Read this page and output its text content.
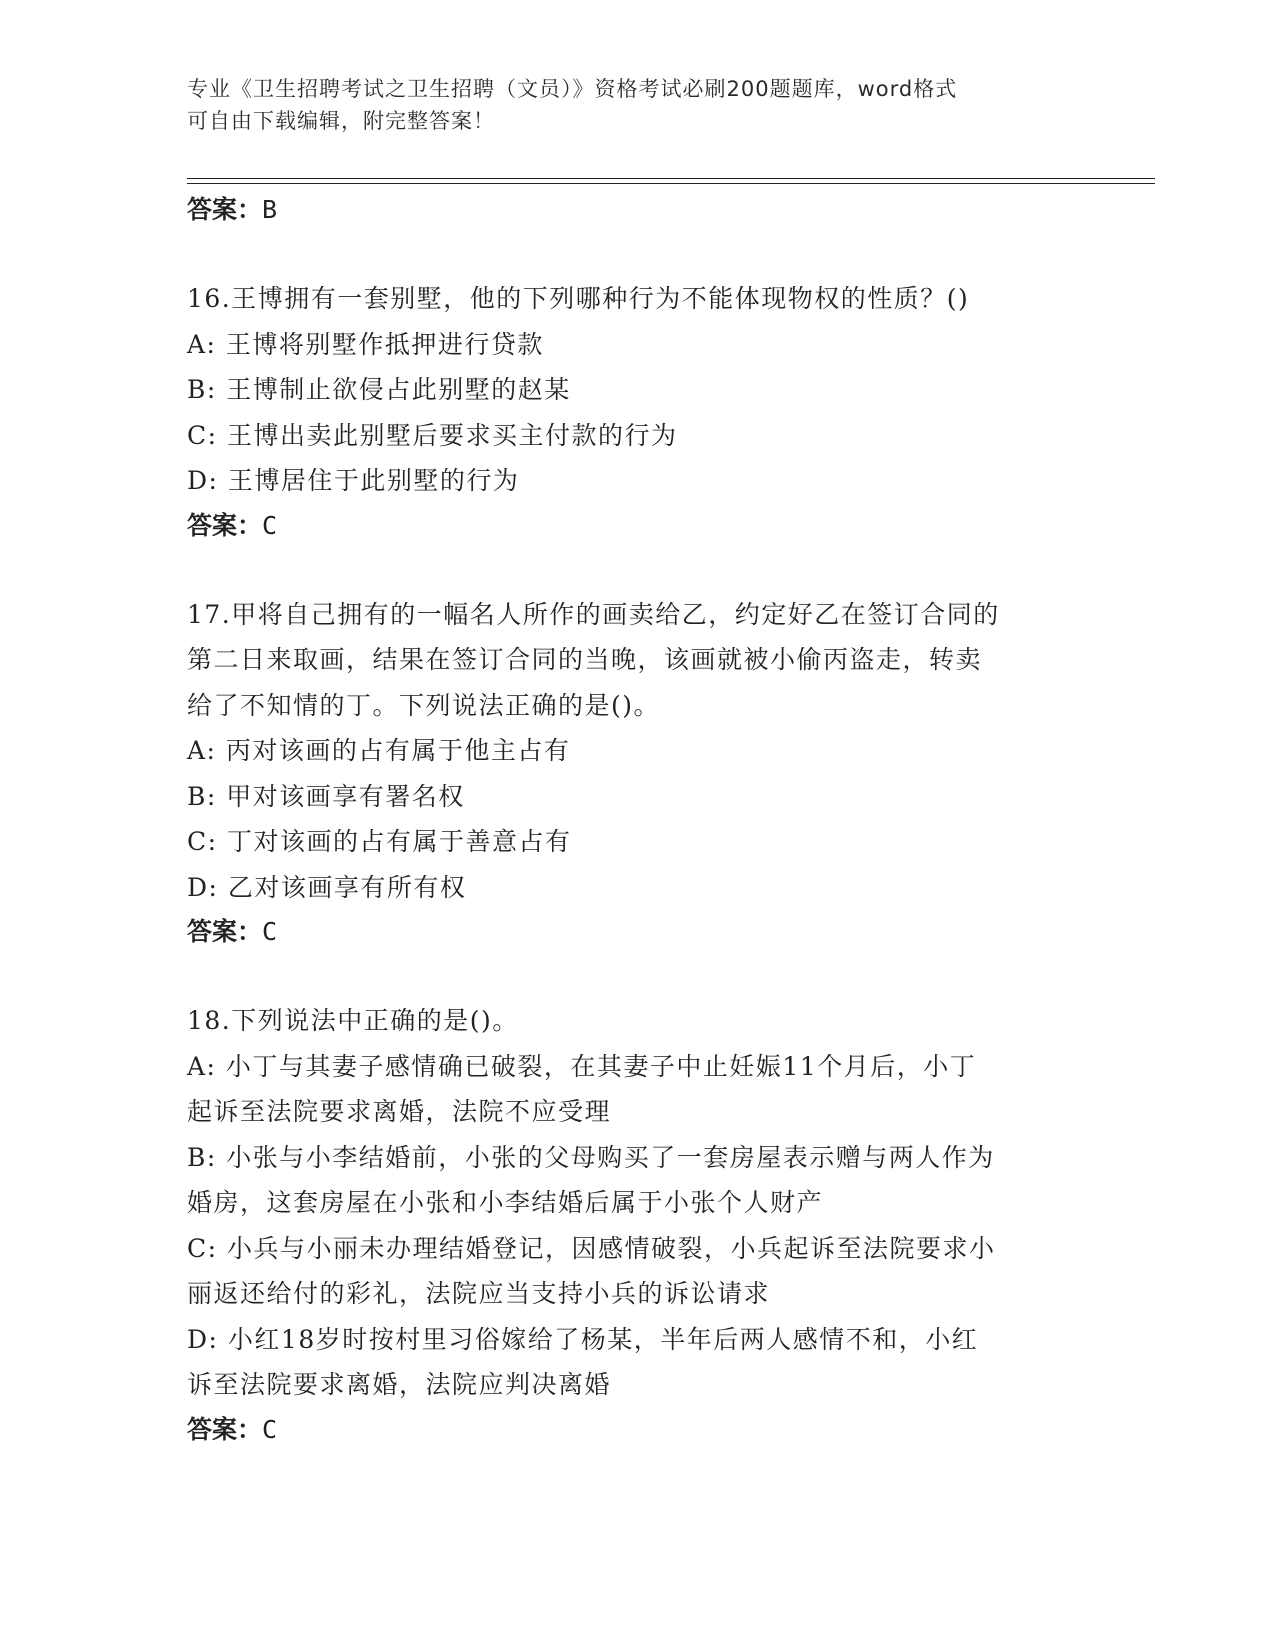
专业《卫生招聘考试之卫生招聘（文员）》资格考试必刷200题题库，word格式
可自由下载编辑，附完整答案！
答案：B
16.王博拥有一套别墅，他的下列哪种行为不能体现物权的性质？()
A: 王博将别墅作抵押进行贷款
B: 王博制止欲侵占此别墅的赵某
C: 王博出卖此别墅后要求买主付款的行为
D: 王博居住于此别墅的行为
答案：C
17.甲将自己拥有的一幅名人所作的画卖给乙，约定好乙在签订合同的
第二日来取画，结果在签订合同的当晚，该画就被小偷丙盗走，转卖
给了不知情的丁。下列说法正确的是()。
A: 丙对该画的占有属于他主占有
B: 甲对该画享有署名权
C: 丁对该画的占有属于善意占有
D: 乙对该画享有所有权
答案：C
18.下列说法中正确的是()。
A: 小丁与其妻子感情确已破裂，在其妻子中止妊娠11个月后，小丁
起诉至法院要求离婚，法院不应受理
B: 小张与小李结婚前，小张的父母购买了一套房屋表示赠与两人作为
婚房，这套房屋在小张和小李结婚后属于小张个人财产
C: 小兵与小丽未办理结婚登记，因感情破裂，小兵起诉至法院要求小
丽返还给付的彩礼，法院应当支持小兵的诉讼请求
D: 小红18岁时按村里习俗嫁给了杨某，半年后两人感情不和，小红
诉至法院要求离婚，法院应判决离婚
答案：C
